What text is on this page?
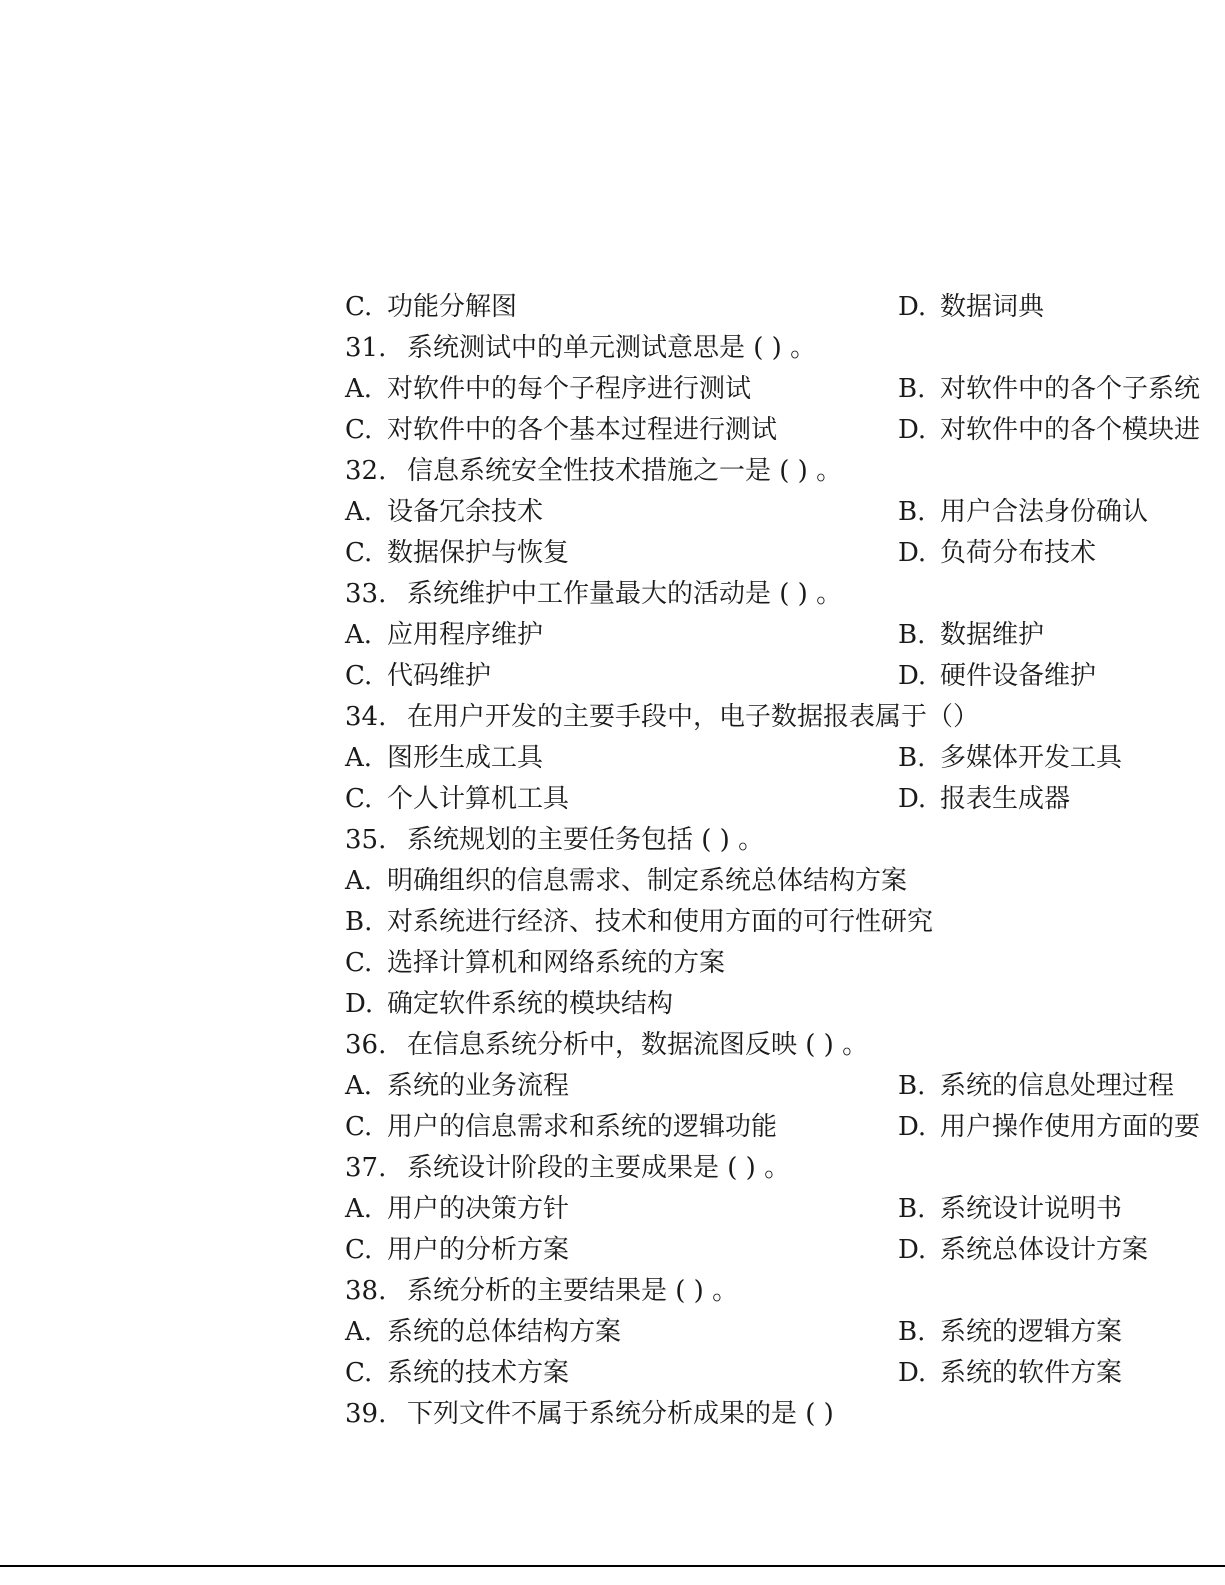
C. 功能分解图	D. 数据词典
31. 系统测试中的单元测试意思是 ( ) 。
A. 对软件中的每个子程序进行测试	B. 对软件中的各个子系统
C. 对软件中的各个基本过程进行测试	D. 对软件中的各个模块进
32. 信息系统安全性技术措施之一是 ( ) 。
A. 设备冗余技术	B. 用户合法身份确认
C. 数据保护与恢复	D. 负荷分布技术
33. 系统维护中工作量最大的活动是 ( ) 。
A. 应用程序维护	B. 数据维护
C. 代码维护	D. 硬件设备维护
34. 在用户开发的主要手段中，电子数据报表属于（）
A. 图形生成工具	B. 多媒体开发工具
C. 个人计算机工具	D. 报表生成器
35. 系统规划的主要任务包括 ( ) 。
A. 明确组织的信息需求、制定系统总体结构方案
B. 对系统进行经济、技术和使用方面的可行性研究
C. 选择计算机和网络系统的方案
D. 确定软件系统的模块结构
36. 在信息系统分析中，数据流图反映 ( ) 。
A. 系统的业务流程	B. 系统的信息处理过程
C. 用户的信息需求和系统的逻辑功能	D. 用户操作使用方面的要
37. 系统设计阶段的主要成果是 ( ) 。
A. 用户的决策方针	B. 系统设计说明书
C. 用户的分析方案	D. 系统总体设计方案
38. 系统分析的主要结果是 ( ) 。
A. 系统的总体结构方案	B. 系统的逻辑方案
C. 系统的技术方案	D. 系统的软件方案
39. 下列文件不属于系统分析成果的是 ( )
